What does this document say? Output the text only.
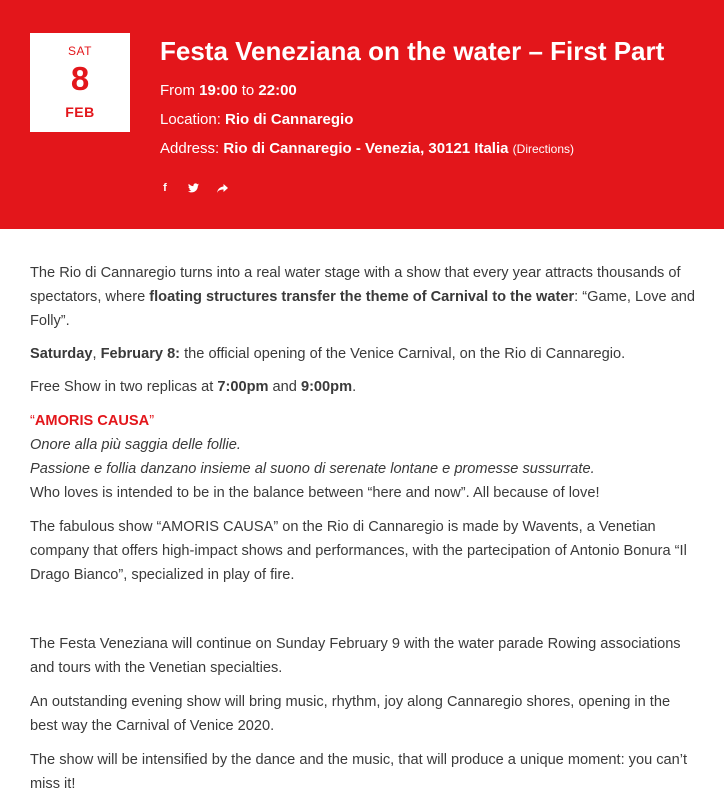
SAT
8
FEB
Festa Veneziana on the water – First Part
From 19:00 to 22:00
Location: Rio di Cannaregio
Address: Rio di Cannaregio - Venezia, 30121 Italia (Directions)
f

The Rio di Cannaregio turns into a real water stage with a show that every year attracts thousands of spectators, where floating structures transfer the theme of Carnival to the water: “Game, Love and Folly”.

Saturday, February 8: the official opening of the Venice Carnival, on the Rio di Cannaregio.

Free Show in two replicas at 7:00pm and 9:00pm.

“AMORIS CAUSA”
Onore alla più saggia delle follie.
Passione e follia danzano insieme al suono di serenate lontane e promesse sussurrate.
Who loves is intended to be in the balance between “here and now”. All because of love!

The fabulous show “AMORIS CAUSA” on the Rio di Cannaregio is made by Wavents, a Venetian company that offers high-impact shows and performances, with the partecipation of Antonio Bonura “Il Drago Bianco”, specialized in play of fire.

The Festa Veneziana will continue on Sunday February 9 with the water parade Rowing associations and tours with the Venetian specialties.

An outstanding evening show will bring music, rhythm, joy along Cannaregio shores, opening in the best way the Carnival of Venice 2020.

The show will be intensified by the dance and the music, that will produce a unique moment: you can’t miss it!
